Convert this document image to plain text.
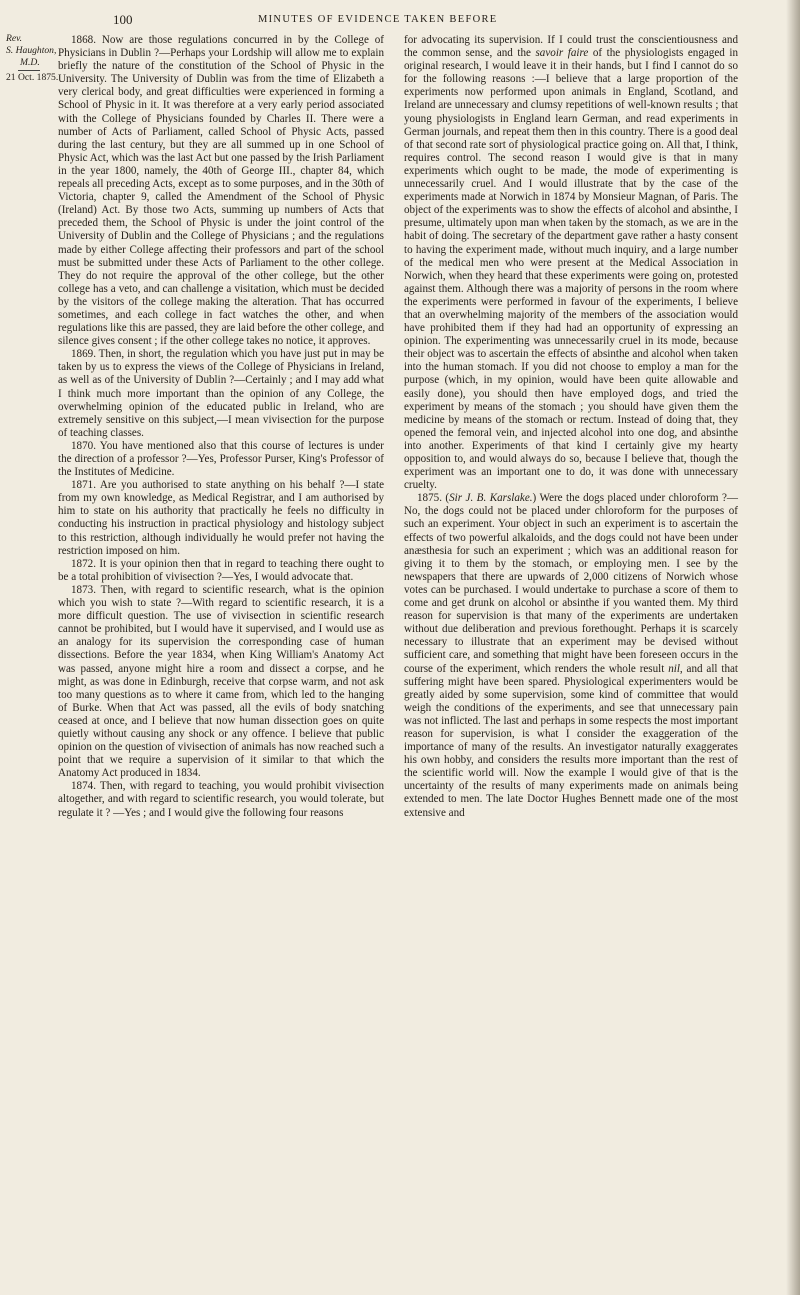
100	MINUTES OF EVIDENCE TAKEN BEFORE
Rev.
S. Haughton,
M.D.
21 Oct. 1875.

1868. Now are those regulations concurred in by the College of Physicians in Dublin ?—Perhaps your Lordship will allow me to explain briefly the nature of the constitution of the School of Physic in the University. The University of Dublin was from the time of Elizabeth a very clerical body, and great difficulties were experienced in forming a School of Physic in it. It was therefore at a very early period associated with the College of Physicians founded by Charles II. There were a number of Acts of Parliament, called School of Physic Acts, passed during the last century, but they are all summed up in one School of Physic Act, which was the last Act but one passed by the Irish Parliament in the year 1800, namely, the 40th of George III., chapter 84, which repeals all preceding Acts, except as to some purposes, and in the 30th of Victoria, chapter 9, called the Amendment of the School of Physic (Ireland) Act. By those two Acts, summing up numbers of Acts that preceded them, the School of Physic is under the joint control of the University of Dublin and the College of Physicians ; and the regulations made by either College affecting their professors and part of the school must be submitted under these Acts of Parliament to the other college. They do not require the approval of the other college, but the other college has a veto, and can challenge a visitation, which must be decided by the visitors of the college making the alteration. That has occurred sometimes, and each college in fact watches the other, and when regulations like this are passed, they are laid before the other college, and silence gives consent ; if the other college takes no notice, it approves.

1869. Then, in short, the regulation which you have just put in may be taken by us to express the views of the College of Physicians in Ireland, as well as of the University of Dublin ?—Certainly ; and I may add what I think much more important than the opinion of any College, the overwhelming opinion of the educated public in Ireland, who are extremely sensitive on this subject,—I mean vivisection for the purpose of teaching classes.

1870. You have mentioned also that this course of lectures is under the direction of a professor ?—Yes, Professor Purser, King's Professor of the Institutes of Medicine.

1871. Are you authorised to state anything on his behalf ?—I state from my own knowledge, as Medical Registrar, and I am authorised by him to state on his authority that practically he feels no difficulty in conducting his instruction in practical physiology and histology subject to this restriction, although individually he would prefer not having the restriction imposed on him.

1872. It is your opinion then that in regard to teaching there ought to be a total prohibition of vivisection ?—Yes, I would advocate that.

1873. Then, with regard to scientific research, what is the opinion which you wish to state ?—With regard to scientific research, it is a more difficult question. The use of vivisection in scientific research cannot be prohibited, but I would have it supervised, and I would use as an analogy for its supervision the corresponding case of human dissections. Before the year 1834, when King William's Anatomy Act was passed, anyone might hire a room and dissect a corpse, and he might, as was done in Edinburgh, receive that corpse warm, and not ask too many questions as to where it came from, which led to the hanging of Burke. When that Act was passed, all the evils of body snatching ceased at once, and I believe that now human dissection goes on quite quietly without causing any shock or any offence. I believe that public opinion on the question of vivisection of animals has now reached such a point that we require a supervision of it similar to that which the Anatomy Act produced in 1834.

1874. Then, with regard to teaching, you would prohibit vivisection altogether, and with regard to scientific research, you would tolerate, but regulate it ? —Yes ; and I would give the following four reasons

for advocating its supervision. If I could trust the conscientiousness and the common sense, and the savoir faire of the physiologists engaged in original research, I would leave it in their hands, but I find I cannot do so for the following reasons :—I believe that a large proportion of the experiments now performed upon animals in England, Scotland, and Ireland are unnecessary and clumsy repetitions of well-known results ; that young physiologists in England learn German, and read experiments in German journals, and repeat them then in this country. There is a good deal of that second rate sort of physiological practice going on. All that, I think, requires control. The second reason I would give is that in many experiments which ought to be made, the mode of experimenting is unnecessarily cruel. And I would illustrate that by the case of the experiments made at Norwich in 1874 by Monsieur Magnan, of Paris. The object of the experiments was to show the effects of alcohol and absinthe, I presume, ultimately upon man when taken by the stomach, as we are in the habit of doing. The secretary of the department gave rather a hasty consent to having the experiment made, without much inquiry, and a large number of the medical men who were present at the Medical Association in Norwich, when they heard that these experiments were going on, protested against them. Although there was a majority of persons in the room where the experiments were performed in favour of the experiments, I believe that an overwhelming majority of the members of the association would have prohibited them if they had had an opportunity of expressing an opinion. The experimenting was unnecessarily cruel in its mode, because their object was to ascertain the effects of absinthe and alcohol when taken into the human stomach. If you did not choose to employ a man for the purpose (which, in my opinion, would have been quite allowable and easily done), you should then have employed dogs, and tried the experiment by means of the stomach ; you should have given them the medicine by means of the stomach or rectum. Instead of doing that, they opened the femoral vein, and injected alcohol into one dog, and absinthe into another. Experiments of that kind I certainly give my hearty opposition to, and would always do so, because I believe that, though the experiment was an important one to do, it was done with unnecessary cruelty.

1875. (Sir J. B. Karslake.) Were the dogs placed under chloroform ?—No, the dogs could not be placed under chloroform for the purposes of such an experiment. Your object in such an experiment is to ascertain the effects of two powerful alkaloids, and the dogs could not have been under anæsthesia for such an experiment ; which was an additional reason for giving it to them by the stomach, or employing men. I see by the newspapers that there are upwards of 2,000 citizens of Norwich whose votes can be purchased. I would undertake to purchase a score of them to come and get drunk on alcohol or absinthe if you wanted them. My third reason for supervision is that many of the experiments are undertaken without due deliberation and previous forethought. Perhaps it is scarcely necessary to illustrate that an experiment may be devised without sufficient care, and something that might have been foreseen occurs in the course of the experiment, which renders the whole result nil, and all that suffering might have been spared. Physiological experimenters would be greatly aided by some supervision, some kind of committee that would weigh the conditions of the experiments, and see that unnecessary pain was not inflicted. The last and perhaps in some respects the most important reason for supervision, is what I consider the exaggeration of the importance of many of the results. An investigator naturally exaggerates his own hobby, and considers the results more important than the rest of the scientific world will. Now the example I would give of that is the uncertainty of the results of many experiments made on animals being extended to men. The late Doctor Hughes Bennett made one of the most extensive and
